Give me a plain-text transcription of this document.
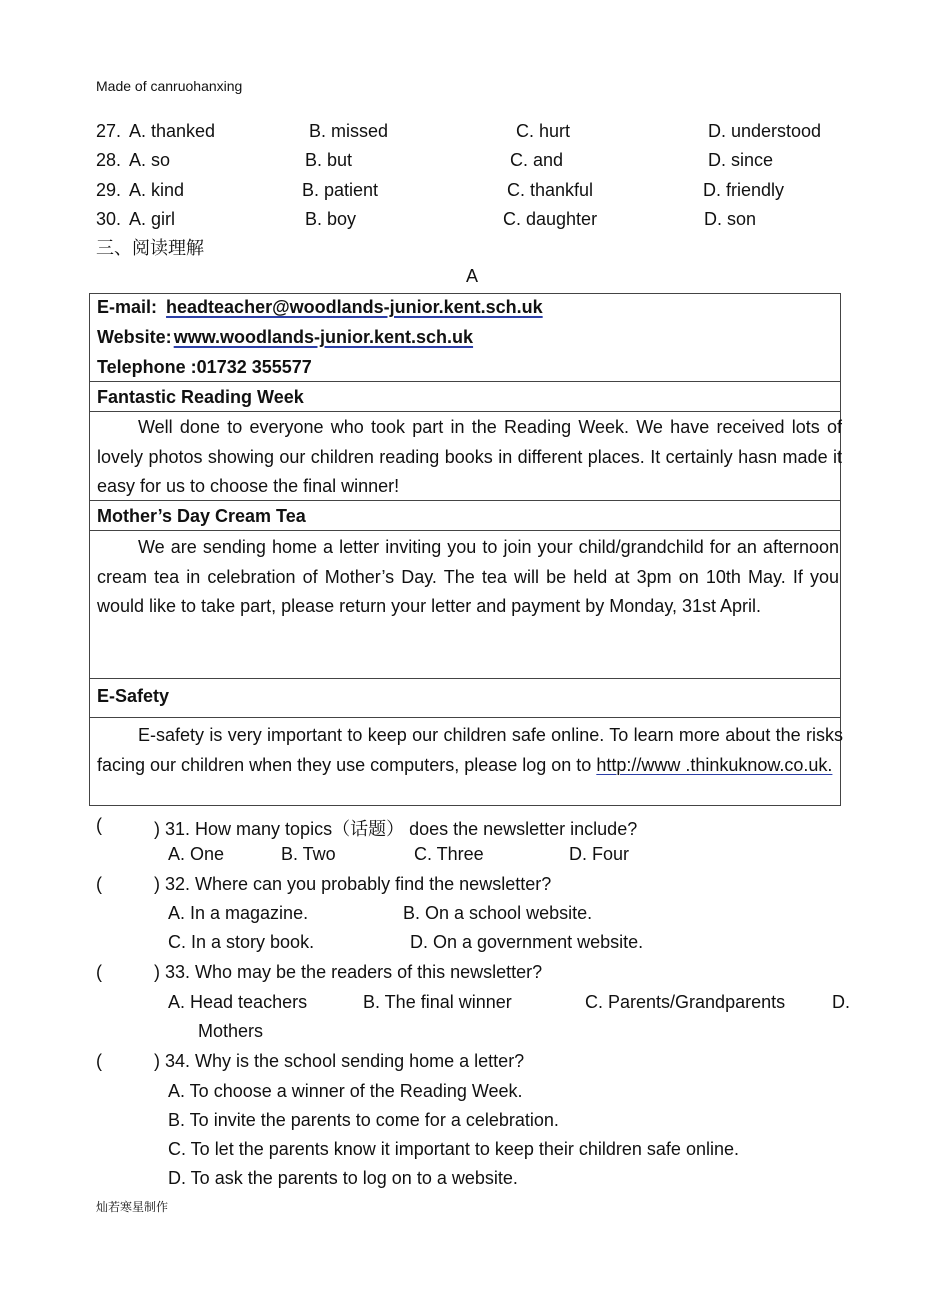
Made of canruohanxing
27. A. thanked	B. missed	C. hurt	D. understood
28. A. so	B. but	C. and	D. since
29. A. kind	B. patient	C. thankful	D. friendly
30. A. girl	B. boy	C. daughter	D. son
三、阅读理解
A
E-mail: headteacher@woodlands-junior.kent.sch.uk
Website: www.woodlands-junior.kent.sch.uk
Telephone :01732 355577
Fantastic Reading Week

Well done to everyone who took part in the Reading Week. We have received lots of lovely photos showing our children reading books in different places. It certainly hasn made it easy for us to choose the final winner!

Mother’s Day Cream Tea

We are sending home a letter inviting you to join your child/grandchild for an afternoon cream tea in celebration of Mother’s Day. The tea will be held at 3pm on 10th May. If you would like to take part, please return your letter and payment by Monday, 31st April.

E-Safety

E-safety is very important to keep our children safe online. To learn more about the risks facing our children when they use computers, please log on to http://www .thinkuknow.co.uk.

(	) 31. How many topics（话题） does the newsletter include?
A. One	B. Two	C. Three	D. Four
(	) 32. Where can you probably find the newsletter?
A. In a magazine.	B. On a school website.
C. In a story book.	D. On a government website.
(	) 33. Who may be the readers of this newsletter?
A. Head teachers	B. The final winner	C. Parents/Grandparents	D.
Mothers
(	) 34. Why is the school sending home a letter?
A. To choose a winner of the Reading Week.
B. To invite the parents to come for a celebration.
C. To let the parents know it important to keep their children safe online.
D. To ask the parents to log on to a website.
灿若寒星制作
